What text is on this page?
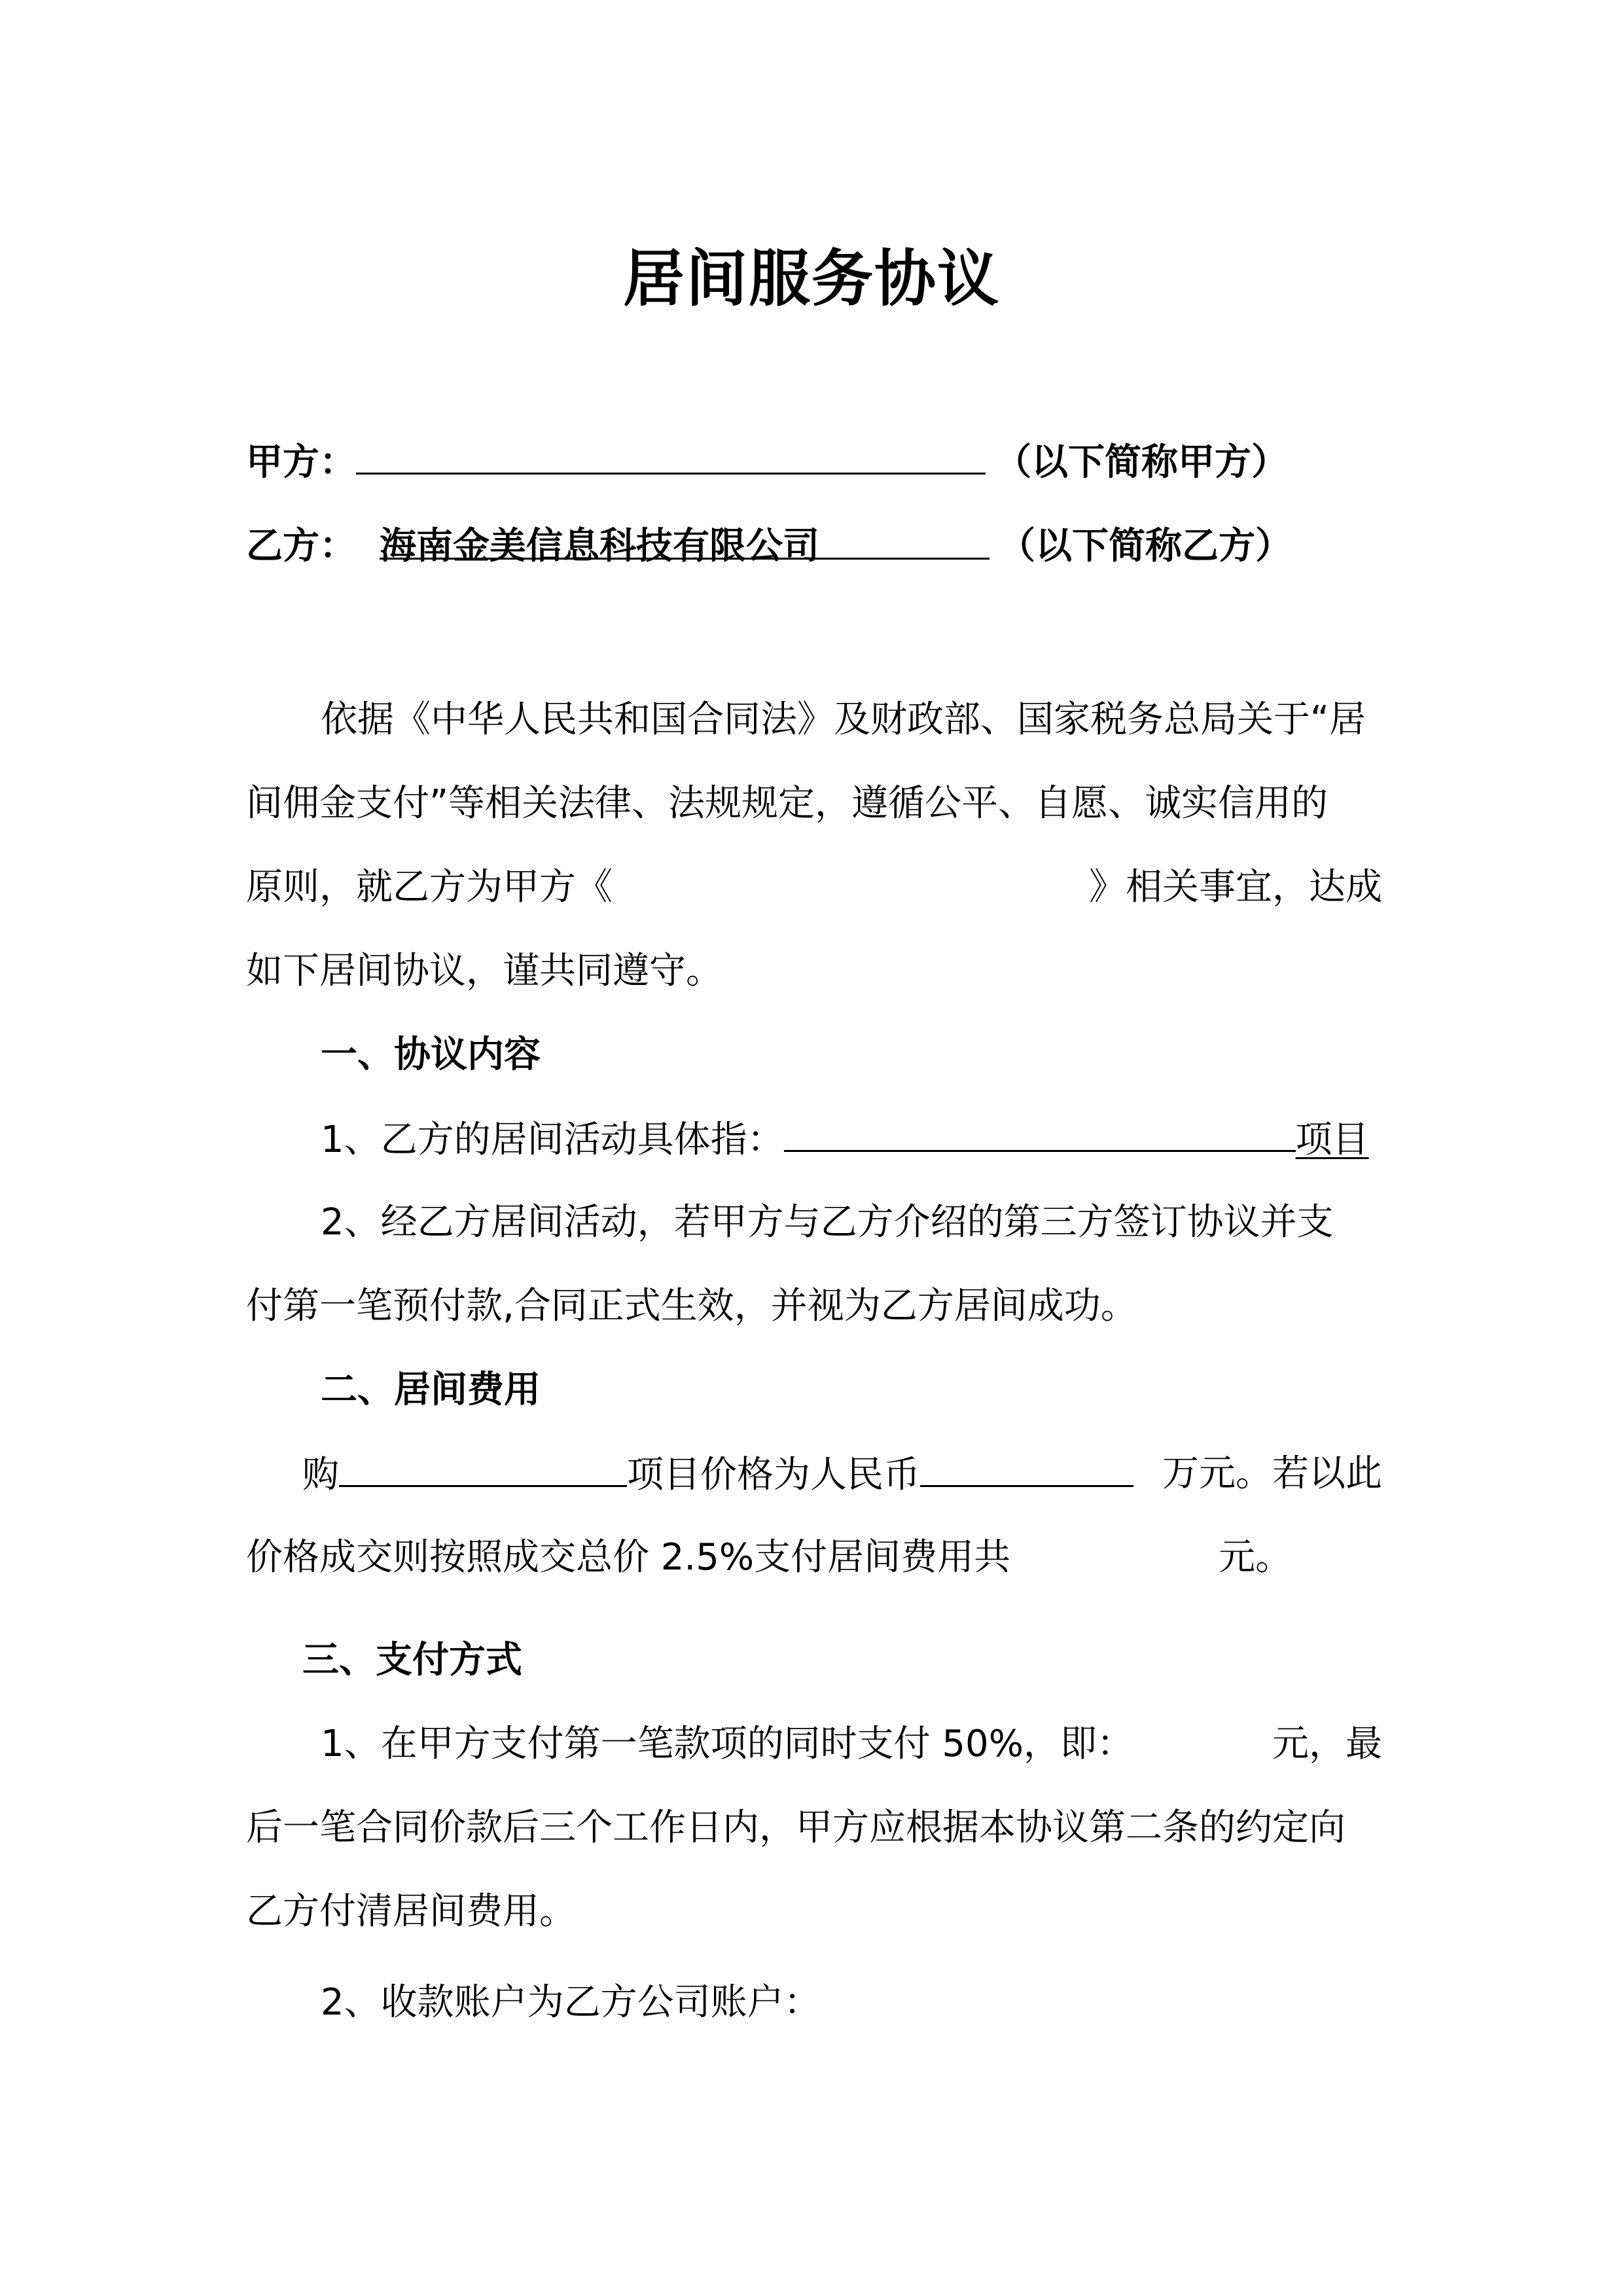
居间服务协议
甲方：	（以下简称甲方）
乙方： 海南金美信息科技有限公司	（以下简称乙方）
依据《中华人民共和国合同法》及财政部、国家税务总局关于“居
间佣金支付”等相关法律、法规规定，遵循公平、自愿、诚实信用的
原则，就乙方为甲方《	》相关事宜，达成
如下居间协议，谨共同遵守。
一、协议内容
1、乙方的居间活动具体指：	项目
2、经乙方居间活动，若甲方与乙方介绍的第三方签订协议并支
付第一笔预付款,合同正式生效，并视为乙方居间成功。
二、居间费用
购	项目价格为人民币	万元。若以此
价格成交则按照成交总价 2.5%支付居间费用共	元。
三、支付方式
1、在甲方支付第一笔款项的同时支付 50%，即：	元，最
后一笔合同价款后三个工作日内，甲方应根据本协议第二条的约定向
乙方付清居间费用。
2、收款账户为乙方公司账户：
